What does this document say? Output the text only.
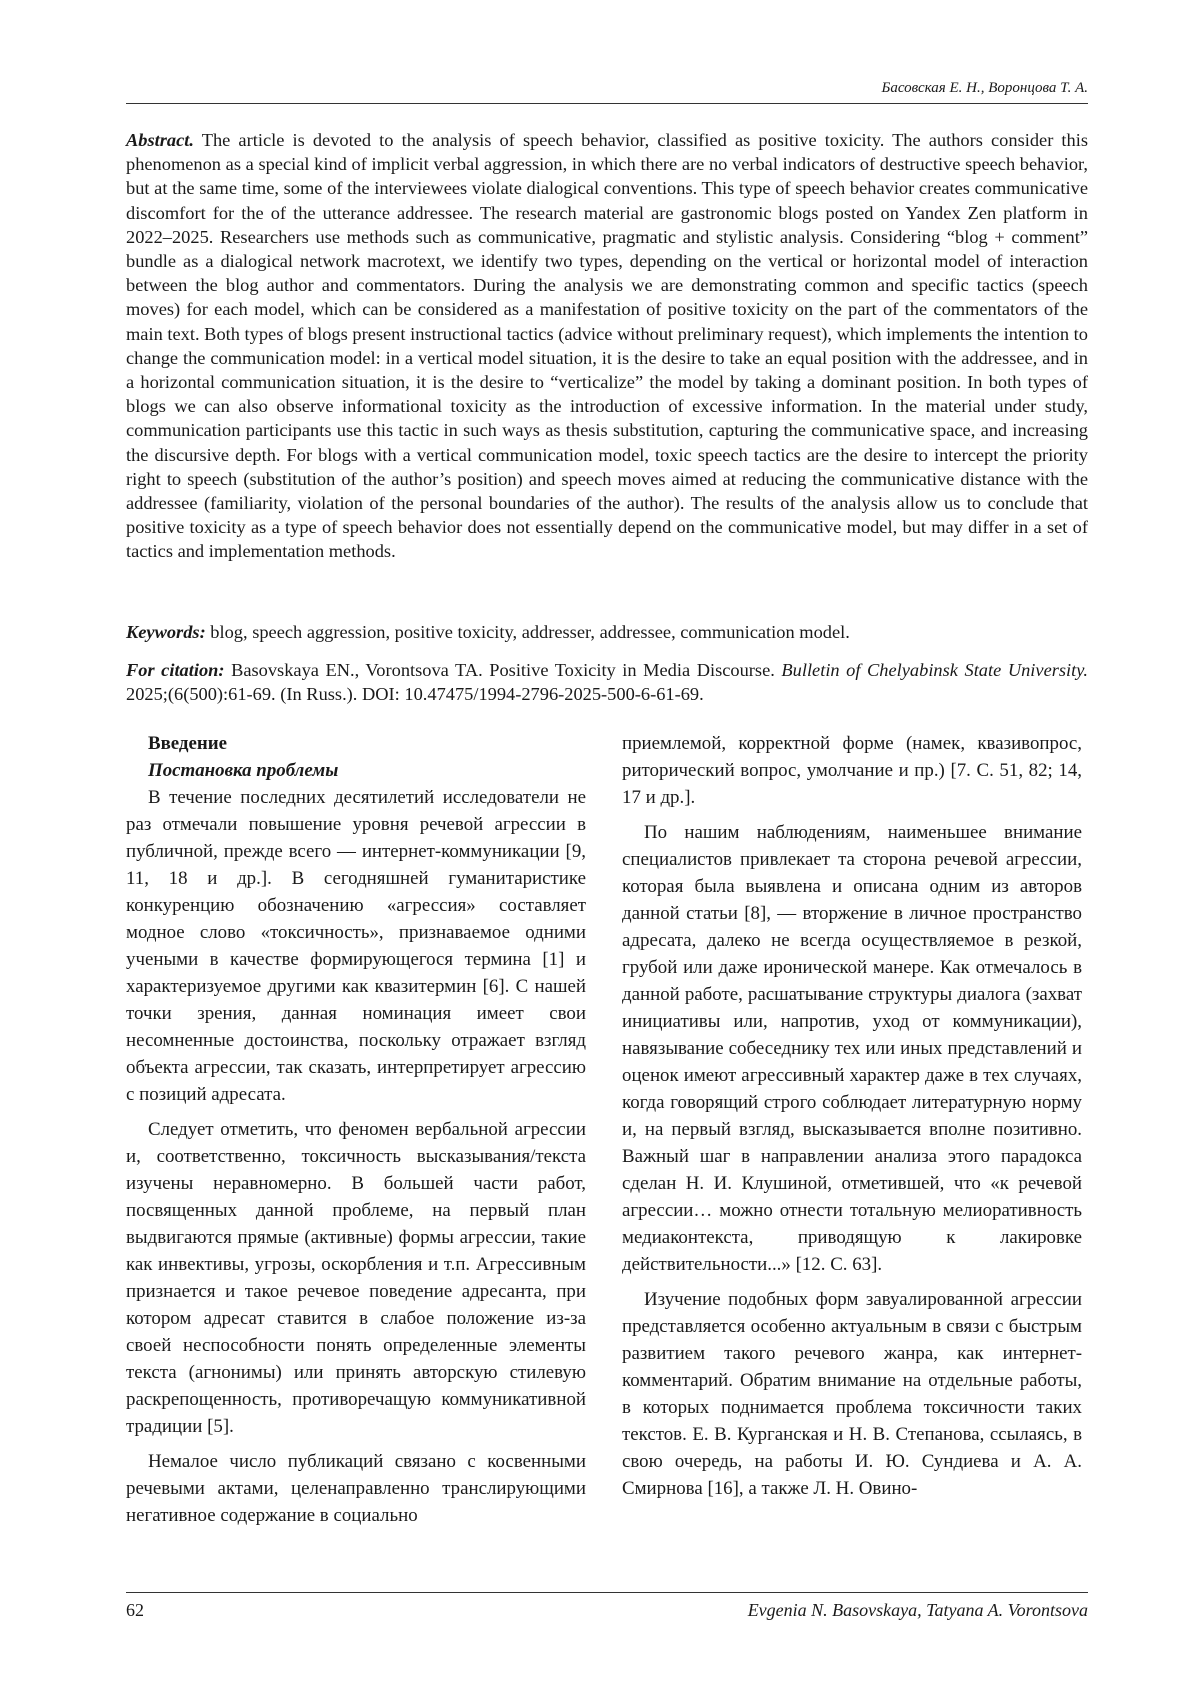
Басовская Е. Н., Воронцова Т. А.

Abstract. The article is devoted to the analysis of speech behavior, classified as positive toxicity. The authors consider this phenomenon as a special kind of implicit verbal aggression, in which there are no verbal indicators of destructive speech behavior, but at the same time, some of the interviewees violate dialogical conventions. This type of speech behavior creates communicative discomfort for the of the utterance addressee. The research material are gastronomic blogs posted on Yandex Zen platform in 2022–2025. Researchers use methods such as communicative, pragmatic and stylistic analysis. Considering “blog + comment” bundle as a dialogical network macrotext, we identify two types, depending on the vertical or horizontal model of interaction between the blog author and commentators. During the analysis we are demonstrating common and specific tactics (speech moves) for each model, which can be considered as a manifestation of positive toxicity on the part of the commentators of the main text. Both types of blogs present instructional tactics (advice without preliminary request), which implements the intention to change the communication model: in a vertical model situation, it is the desire to take an equal position with the addressee, and in a horizontal communication situation, it is the desire to “verticalize” the model by taking a dominant position. In both types of blogs we can also observe informational toxicity as the introduction of excessive information. In the material under study, communication participants use this tactic in such ways as thesis substitution, capturing the communicative space, and increasing the discursive depth. For blogs with a vertical communication model, toxic speech tactics are the desire to intercept the priority right to speech (substitution of the author’s position) and speech moves aimed at reducing the communicative distance with the addressee (familiarity, violation of the personal boundaries of the author). The results of the analysis allow us to conclude that positive toxicity as a type of speech behavior does not essentially depend on the communicative model, but may differ in a set of tactics and implementation methods.

Keywords: blog, speech aggression, positive toxicity, addresser, addressee, communication model.

For citation: Basovskaya EN., Vorontsova TA. Positive Toxicity in Media Discourse. Bulletin of Chelyabinsk State University. 2025;(6(500):61-69. (In Russ.). DOI: 10.47475/1994-2796-2025-500-6-61-69.

Введение
Постановка проблемы

В течение последних десятилетий исследователи не раз отмечали повышение уровня речевой агрессии в публичной, прежде всего — интернет-коммуникации [9, 11, 18 и др.]. В сегодняшней гуманитаристике конкуренцию обозначению «агрессия» составляет модное слово «токсичность», признаваемое одними учеными в качестве формирующегося термина [1] и характеризуемое другими как квазитермин [6]. С нашей точки зрения, данная номинация имеет свои несомненные достоинства, поскольку отражает взгляд объекта агрессии, так сказать, интерпретирует агрессию с позиций адресата.

Следует отметить, что феномен вербальной агрессии и, соответственно, токсичность высказывания/текста изучены неравномерно. В большей части работ, посвященных данной проблеме, на первый план выдвигаются прямые (активные) формы агрессии, такие как инвективы, угрозы, оскорбления и т.п. Агрессивным признается и такое речевое поведение адресанта, при котором адресат ставится в слабое положение из-за своей неспособности понять определенные элементы текста (агнонимы) или принять авторскую стилевую раскрепощенность, противоречащую коммуникативной традиции [5].

Немалое число публикаций связано с косвенными речевыми актами, целенаправленно транслирующими негативное содержание в социально

приемлемой, корректной форме (намек, квазивопрос, риторический вопрос, умолчание и пр.) [7. С. 51, 82; 14, 17 и др.].

По нашим наблюдениям, наименьшее внимание специалистов привлекает та сторона речевой агрессии, которая была выявлена и описана одним из авторов данной статьи [8], — вторжение в личное пространство адресата, далеко не всегда осуществляемое в резкой, грубой или даже иронической манере. Как отмечалось в данной работе, расшатывание структуры диалога (захват инициативы или, напротив, уход от коммуникации), навязывание собеседнику тех или иных представлений и оценок имеют агрессивный характер даже в тех случаях, когда говорящий строго соблюдает литературную норму и, на первый взгляд, высказывается вполне позитивно. Важный шаг в направлении анализа этого парадокса сделан Н. И. Клушиной, отметившей, что «к речевой агрессии… можно отнести тотальную мелиоративность медиаконтекста, приводящую к лакировке действительности...» [12. С. 63].

Изучение подобных форм завуалированной агрессии представляется особенно актуальным в связи с быстрым развитием такого речевого жанра, как интернет-комментарий. Обратим внимание на отдельные работы, в которых поднимается проблема токсичности таких текстов. Е. В. Курганская и Н. В. Степанова, ссылаясь, в свою очередь, на работы И. Ю. Сундиева и А. А. Смирнова [16], а также Л. Н. Овино-

62	Evgenia N. Basovskaya, Tatyana A. Vorontsova
